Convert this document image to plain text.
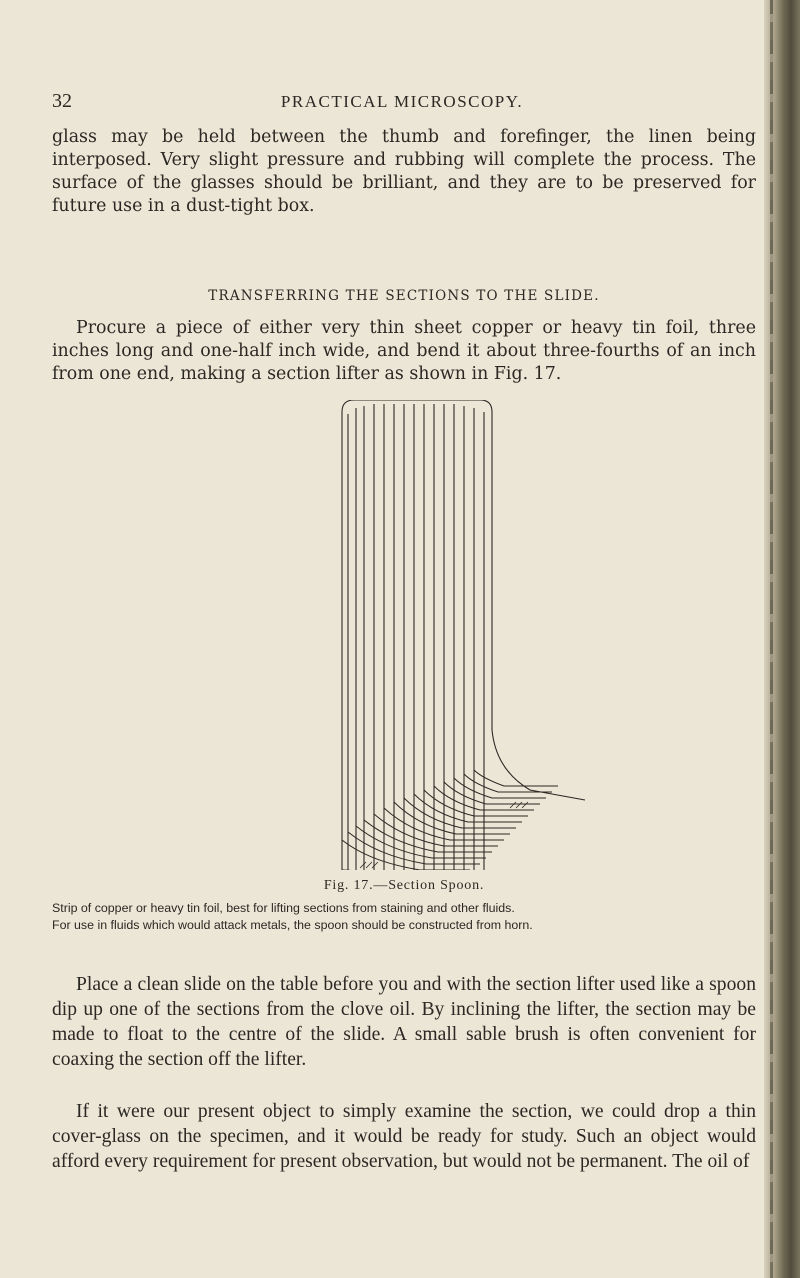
32	PRACTICAL MICROSCOPY.

glass may be held between the thumb and forefinger, the linen being interposed. Very slight pressure and rubbing will complete the process. The surface of the glasses should be brilliant, and they are to be preserved for future use in a dust-tight box.

TRANSFERRING THE SECTIONS TO THE SLIDE.

Procure a piece of either very thin sheet copper or heavy tin foil, three inches long and one-half inch wide, and bend it about three-fourths of an inch from one end, making a section lifter as shown in Fig. 17.

Fig. 17.—Section Spoon.

Strip of copper or heavy tin foil, best for lifting sections from staining and other fluids.
For use in fluids which would attack metals, the spoon should be constructed from horn.

Place a clean slide on the table before you and with the section lifter used like a spoon dip up one of the sections from the clove oil. By inclining the lifter, the section may be made to float to the centre of the slide. A small sable brush is often convenient for coaxing the section off the lifter.

If it were our present object to simply examine the section, we could drop a thin cover-glass on the specimen, and it would be ready for study. Such an object would afford every requirement for present observation, but would not be permanent. The oil of
